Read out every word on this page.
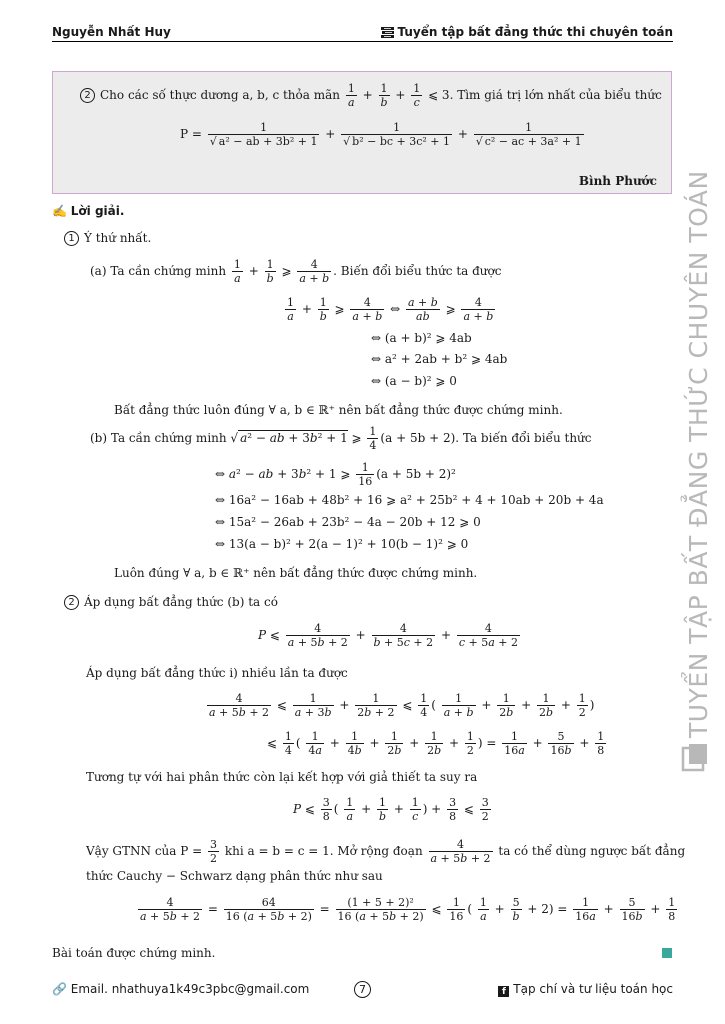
Nguyễn Nhất Huy	Tuyển tập bất đẳng thức thi chuyên toán
2 Cho các số thực dương a, b, c thỏa mãn $\frac{1}{a} + \frac{1}{b} + \frac{1}{c}$ ⩽ 3. Tìm giá trị lớn nhất của biểu thức
$P = \frac{1}{\text{√ a² − ab + 3b² + 1}} + \frac{1}{\text{√ b² − bc + 3c² + 1}} + \frac{1}{\text{√ c² − ac + 3a² + 1}}$
Bình Phước
✍ Lời giải.
1 Ý thứ nhất.
(a) Ta cần chứng minh $\frac{1}{a} + \frac{1}{b}$ ⩾ $\frac{4}{a + b}$ . Biến đổi biểu thức ta được
$\frac{1}{a} + \frac{1}{b}$ ⩾ $\frac{4}{a + b}$ ⇔ $\frac{a + b}{ab}$ ⩾ $\frac{4}{a + b}$
⇔ (a + b)² ⩾ 4ab
⇔ a² + 2ab + b² ⩾ 4ab
⇔ (a − b)² ⩾ 0
Bất đẳng thức luôn đúng ∀ a, b ∈ ℝ⁺ nên bất đẳng thức được chứng minh.
(b) Ta cần chứng minh √ a² − ab + 3b² + 1 ⩾ $\frac{1}{4} (a + 5b + 2)$. Ta biến đổi biểu thức
⇔ a² − ab + 3b² + 1 ⩾ $\frac{1}{16} (a + 5b + 2)^2$
⇔ 16a² − 16ab + 48b² + 16 ⩾ a² + 25b² + 4 + 10ab + 20b + 4a
⇔ 15a² − 26ab + 23b² − 4a − 20b + 12 ⩾ 0
⇔ 13(a − b)² + 2(a − 1)² + 10(b − 1)² ⩾ 0
Luôn đúng ∀ a, b ∈ ℝ⁺ nên bất đẳng thức được chứng minh.
2 Áp dụng bất đẳng thức (b) ta có
P ⩽ $\frac{4}{a + 5b + 2} + \frac{4}{b + 5c + 2} + \frac{4}{c + 5a + 2}$
Áp dụng bất đẳng thức i) nhiều lần ta được
$\frac{4}{a + 5b + 2}$ ⩽ $\frac{1}{a + 3b} + \frac{1}{2b + 2}$ ⩽ $\frac{1}{4}$ ( $\frac{1}{a + b} + \frac{1}{2b} + \frac{1}{2b} + \frac{1}{2}$ )
⩽ $\frac{1}{4}$ ( $\frac{1}{4a} + \frac{1}{4b} + \frac{1}{2b} + \frac{1}{2b} + \frac{1}{2}$ ) = $\frac{1}{16a} + \frac{5}{16b} + \frac{1}{8}$
Tương tự với hai phân thức còn lại kết hợp với giả thiết ta suy ra
P ⩽ $\frac{3}{8}$ ( $\frac{1}{a} + \frac{1}{b} + \frac{1}{c}$ ) + $\frac{3}{8}$ ⩽ $\frac{3}{2}$
Vậy GTNN của $P = \frac{3}{2}$ khi a = b = c = 1. Mở rộng đoạn $\frac{4}{a + 5b + 2}$ ta có thể dùng ngược bất đẳng
thức Cauchy − Schwarz dạng phân thức như sau
$\frac{4}{a + 5b + 2} = \frac{64}{16 (a + 5b + 2)} = \frac{\text{(1 + 5 + 2)²}}{16 (a + 5b + 2)}$ ⩽ $\frac{1}{16}$ ( $\frac{1}{a} + \frac{5}{b} + 2) = \frac{1}{16a} + \frac{5}{16b} + \frac{1}{8}$
Bài toán được chứng minh.
TUYỂN TẬP BẤT ĐẲNG THỨC CHUYÊN TOÁN
🔗 Email. nhathuya1k49c3pbc@gmail.com	7	f Tạp chí và tư liệu toán học
